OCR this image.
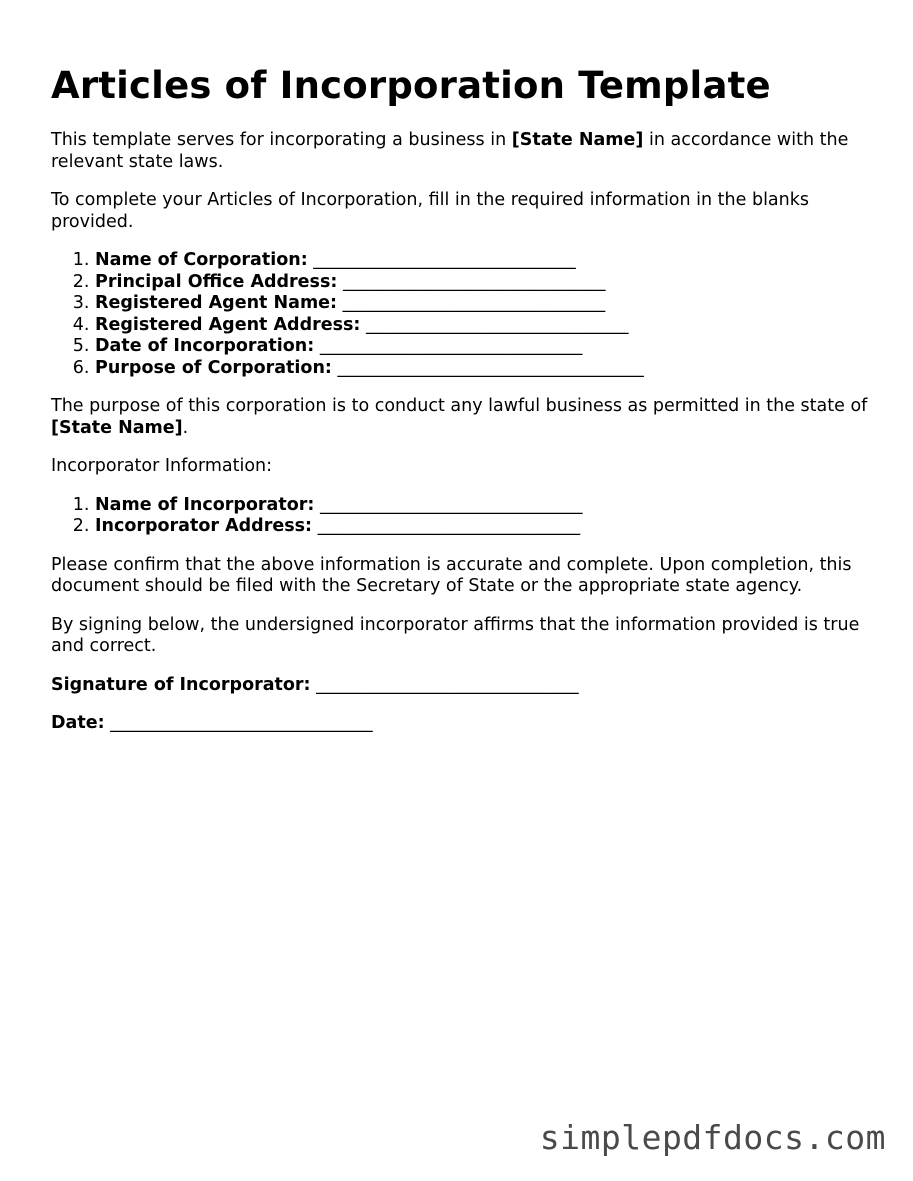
Articles of Incorporation Template

This template serves for incorporating a business in [State Name] in accordance with the relevant state laws.

To complete your Articles of Incorporation, fill in the required information in the blanks provided.

1. Name of Corporation: ______________________________
2. Principal Office Address: ______________________________
3. Registered Agent Name: ______________________________
4. Registered Agent Address: ______________________________
5. Date of Incorporation: ______________________________
6. Purpose of Corporation: ___________________________________

The purpose of this corporation is to conduct any lawful business as permitted in the state of [State Name].

Incorporator Information:

1. Name of Incorporator: ______________________________
2. Incorporator Address: ______________________________

Please confirm that the above information is accurate and complete. Upon completion, this document should be filed with the Secretary of State or the appropriate state agency.

By signing below, the undersigned incorporator affirms that the information provided is true and correct.

Signature of Incorporator: ______________________________
Date: ______________________________
simplepdfdocs.com
